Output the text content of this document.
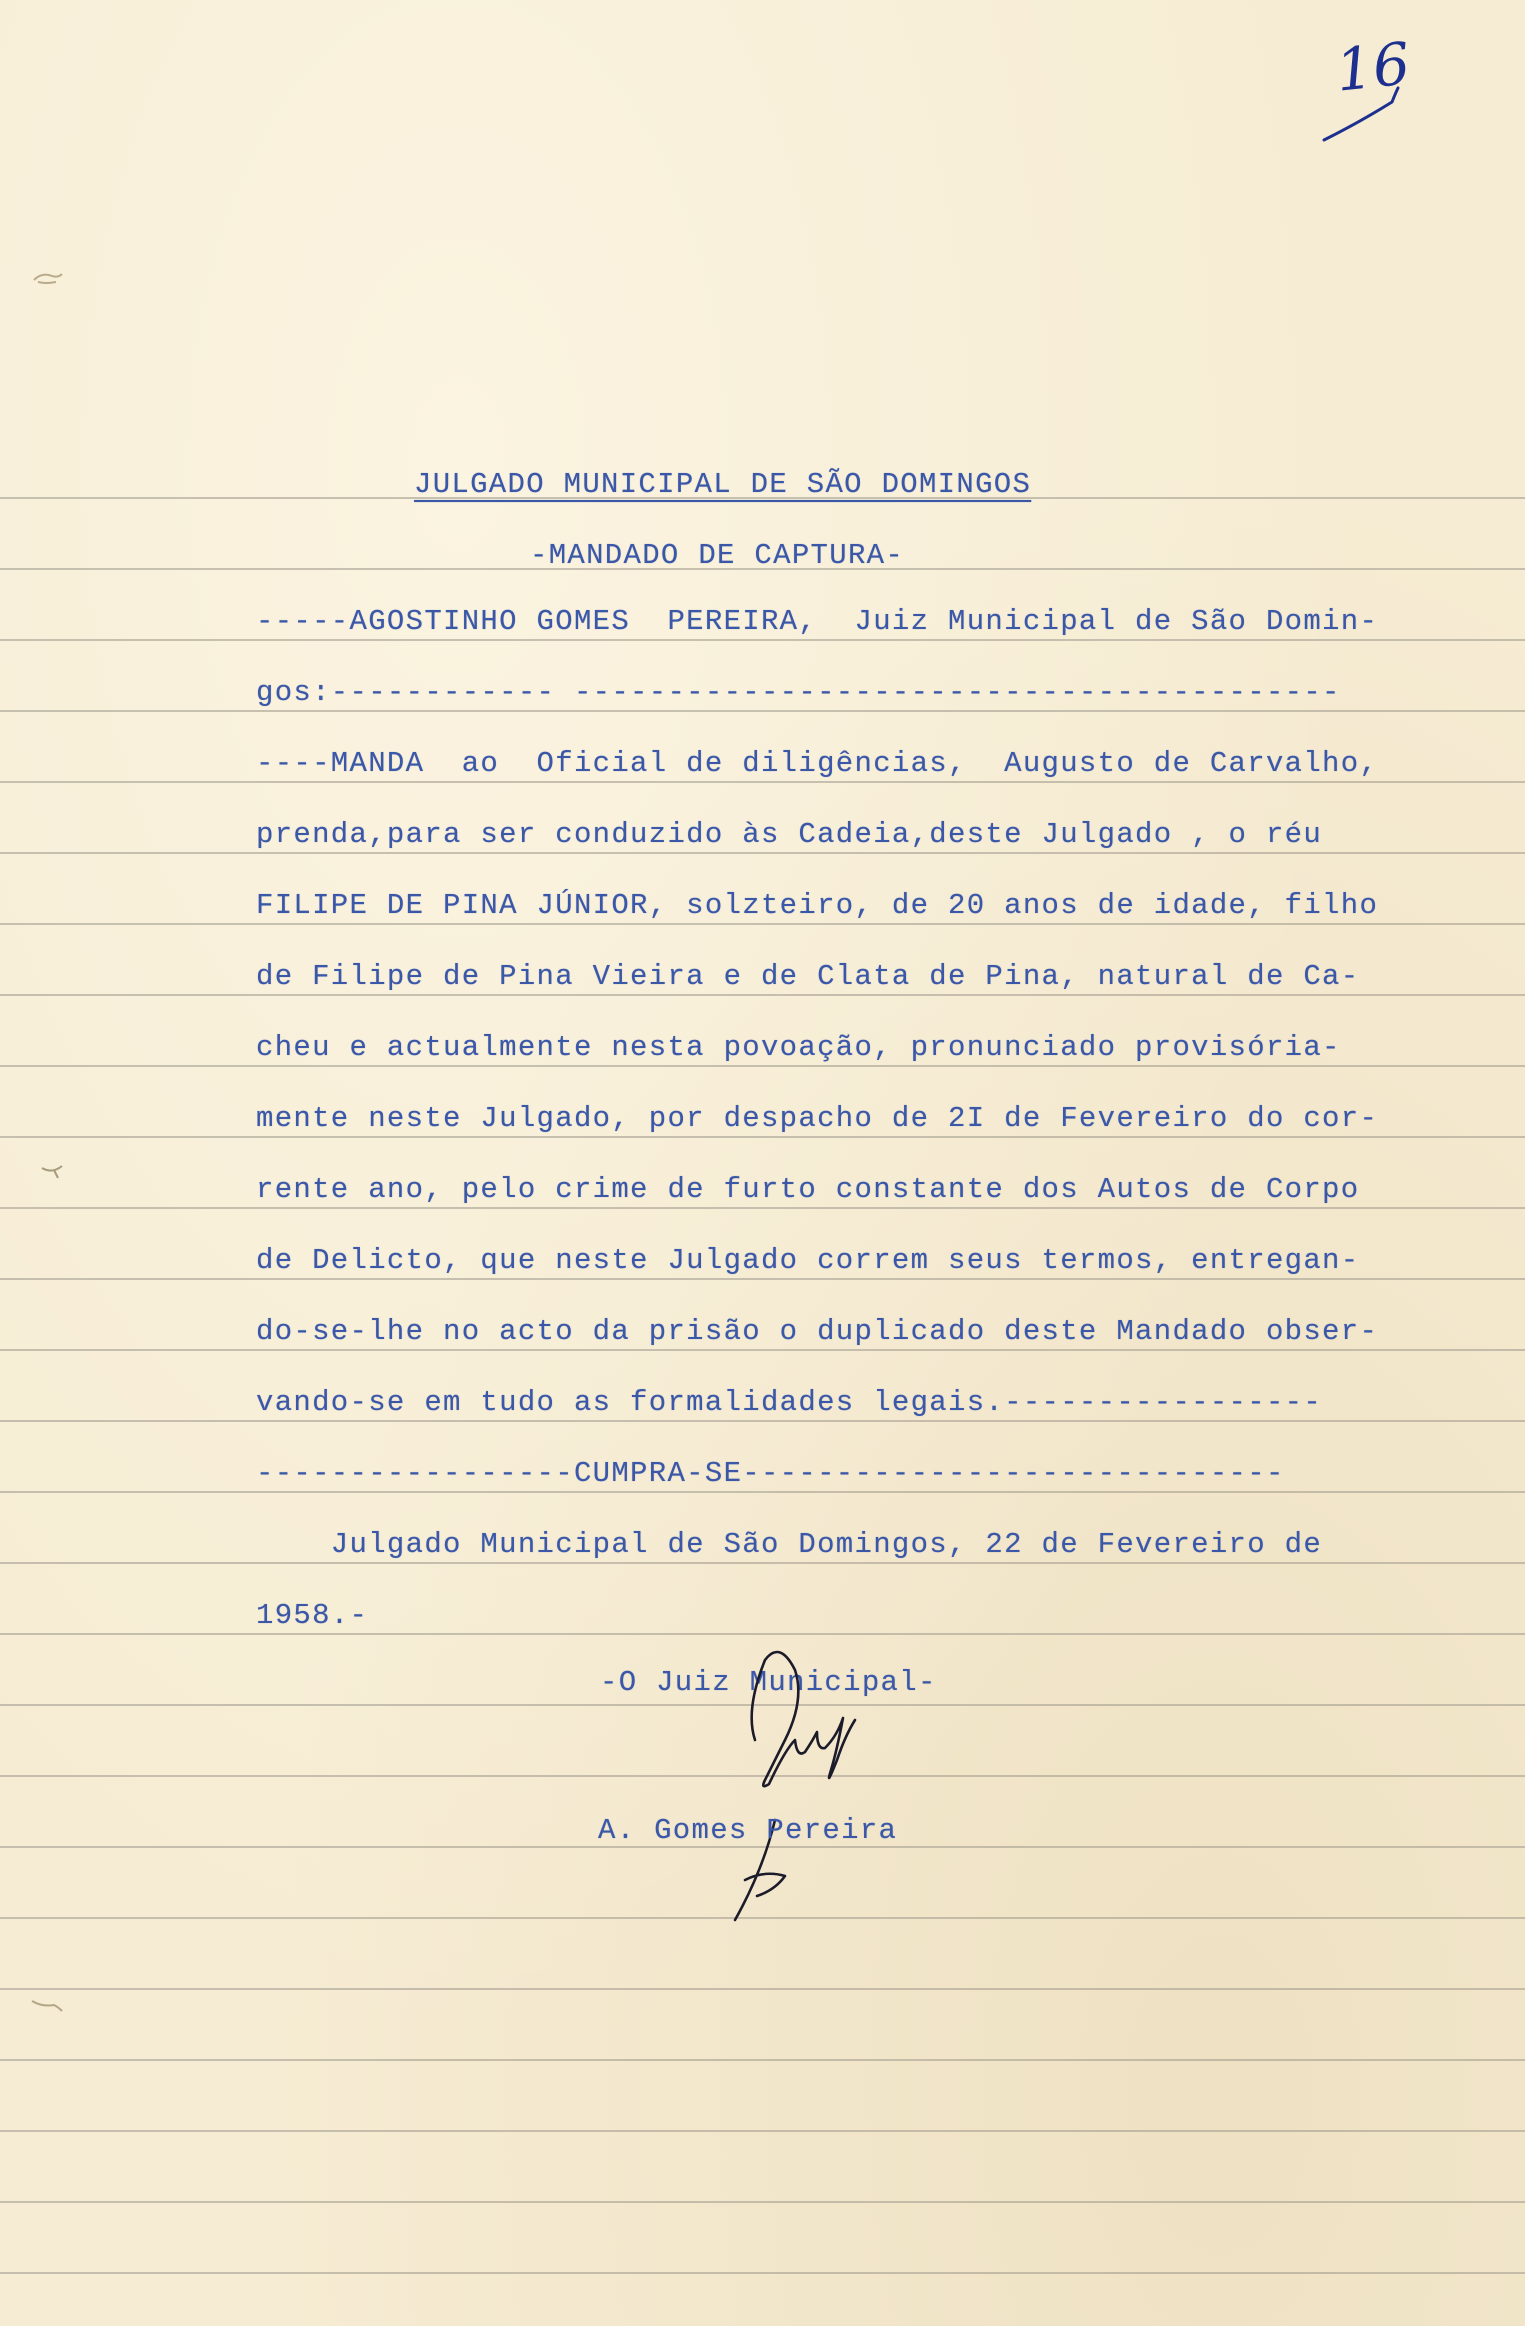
16
JULGADO MUNICIPAL DE SÃO DOMINGOS
-MANDADO DE CAPTURA-
-----AGOSTINHO GOMES  PEREIRA,  Juiz Municipal de São Domin-
gos:------------ -----------------------------------------
----MANDA  ao  Oficial de diligências,  Augusto de Carvalho,
prenda,para ser conduzido às Cadeia,deste Julgado , o réu
FILIPE DE PINA JÚNIOR, solzteiro, de 20 anos de idade, filho
de Filipe de Pina Vieira e de Clata de Pina, natural de Ca-
cheu e actualmente nesta povoação, pronunciado provisória-
mente neste Julgado, por despacho de 2I de Fevereiro do cor-
rente ano, pelo crime de furto constante dos Autos de Corpo
de Delicto, que neste Julgado correm seus termos, entregan-
do-se-lhe no acto da prisão o duplicado deste Mandado obser-
vando-se em tudo as formalidades legais.-----------------
-----------------CUMPRA-SE-----------------------------
Julgado Municipal de São Domingos, 22 de Fevereiro de
1958.-
-O Juiz Municipal-
A. Gomes Pereira
